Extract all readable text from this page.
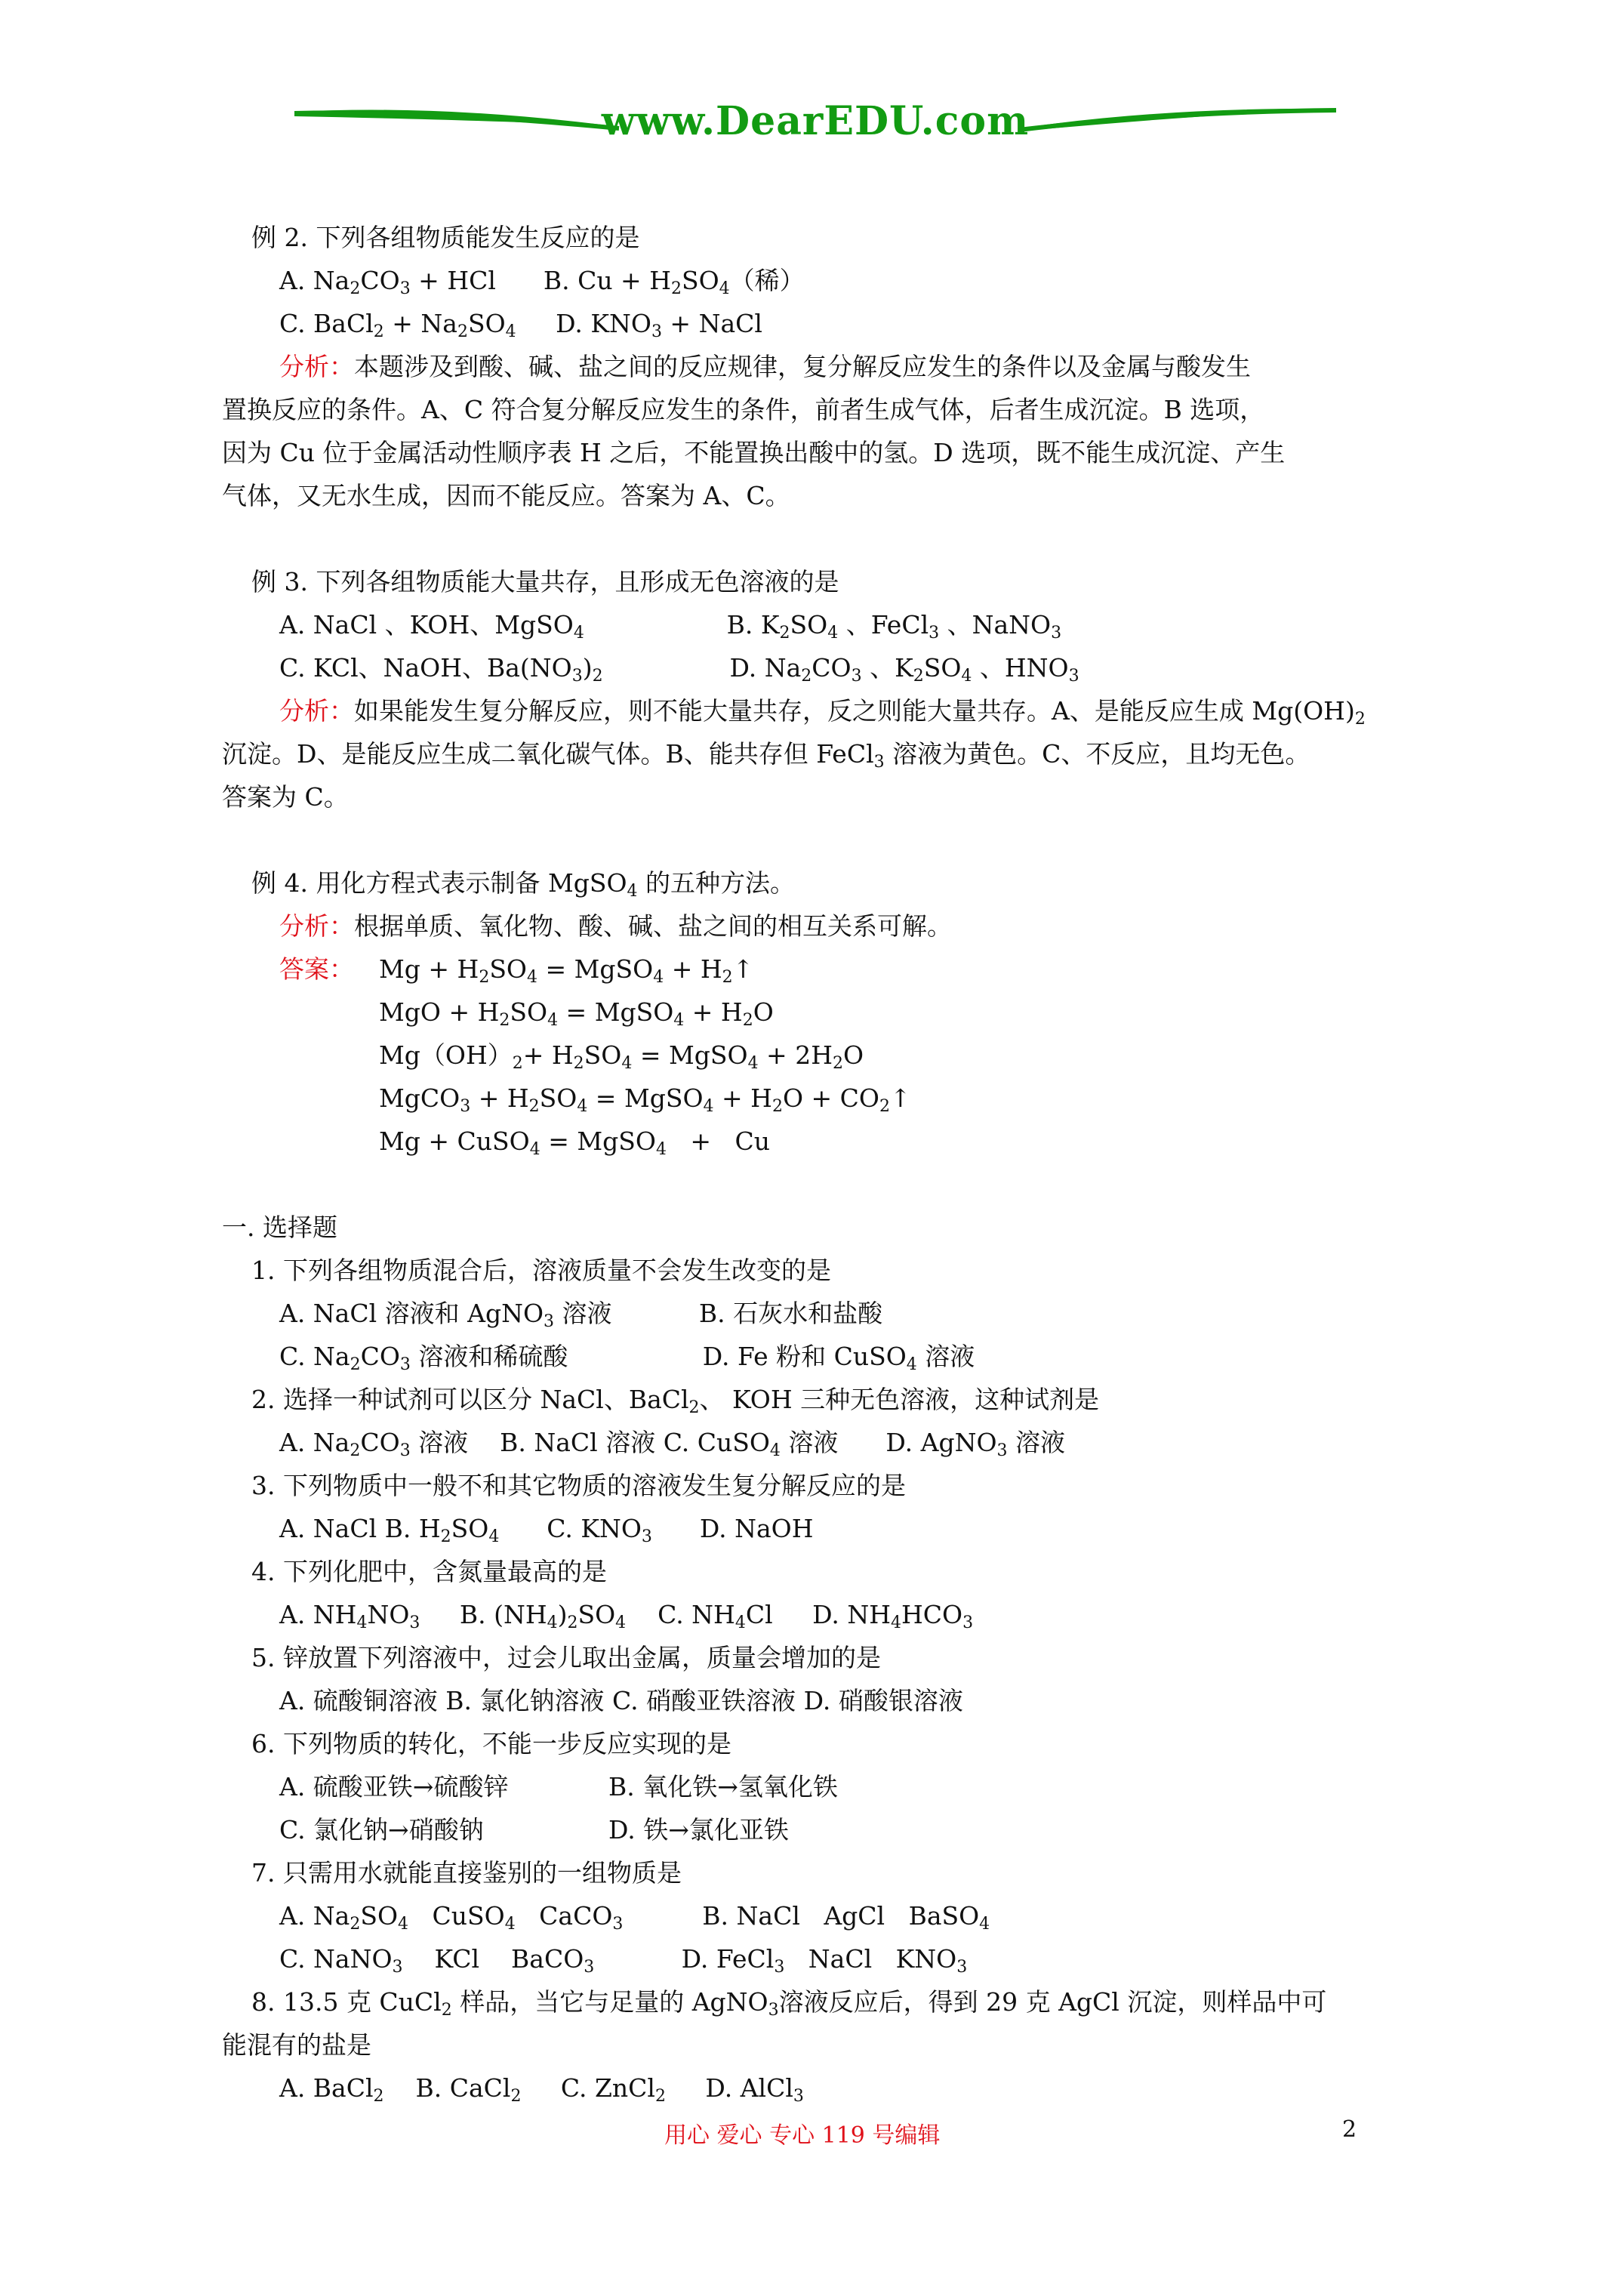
www.DearEDU.com
例 2. 下列各组物质能发生反应的是
A. $Na_2CO_3$ + HCl      B. $Cu + H_2SO_4$（稀）
C. BaCl$_2$ + $Na_2SO_4$     D. $KNO_3$ + NaCl
分析：本题涉及到酸、碱、盐之间的反应规律，复分解反应发生的条件以及金属与酸发生
置换反应的条件。A、C 符合复分解反应发生的条件，前者生成气体，后者生成沉淀。B 选项，
因为 Cu 位于金属活动性顺序表 H 之后，不能置换出酸中的氢。D 选项，既不能生成沉淀、产生
气体，又无水生成，因而不能反应。答案为 A、C。
例 3. 下列各组物质能大量共存，且形成无色溶液的是
A. NaCl 、KOH、MgSO$_4$                  B. $K_2SO_4$ 、FeCl$_3$ 、NaNO$_3$
C. KCl、NaOH、$Ba(NO_3)_2$                D. $Na_2CO_3$ 、$K_2SO_4$ 、$HNO_3$
分析：如果能发生复分解反应，则不能大量共存，反之则能大量共存。A、是能反应生成 $Mg(OH)_2$
沉淀。D、是能反应生成二氧化碳气体。B、能共存但 FeCl$_3$ 溶液为黄色。C、不反应，且均无色。
答案为 C。
例 4. 用化方程式表示制备 MgSO$_4$ 的五种方法。
分析：根据单质、氧化物、酸、碱、盐之间的相互关系可解。
答案： $Mg + H_2SO_4$ = MgSO$_4$ + $H_2↑$
MgO + $H_2SO_4$ = MgSO$_4$ + $H_2O$
$Mg(OH)_2+ H_2SO_4$ = MgSO$_4$ + $2H_2O$
MgCO$_3$ + $H_2SO_4$ = MgSO$_4$ + $H_2O$ + $CO_2↑$
Mg + CuSO$_4$ = MgSO$_4$   +   Cu
一. 选择题
1. 下列各组物质混合后，溶液质量不会发生改变的是
A. NaCl 溶液和 AgNO$_3$ 溶液           B. 石灰水和盐酸
C. $Na_2CO_3$ 溶液和稀硫酸                 D. Fe 粉和 CuSO$_4$ 溶液
2. 选择一种试剂可以区分 NaCl、BaCl$_2$、 KOH 三种无色溶液，这种试剂是
A. $Na_2CO_3$ 溶液    B. NaCl 溶液 C. CuSO$_4$ 溶液      D. AgNO$_3$ 溶液
3. 下列物质中一般不和其它物质的溶液发生复分解反应的是
A. NaCl B. $H_2SO_4$      C. $KNO_3$      D. NaOH
4. 下列化肥中，含氮量最高的是
A. $NH_4NO_3$     B. $(NH_4)_2SO_4$    C. $NH_4Cl$     D. $NH_4HCO_3$
5. 锌放置下列溶液中，过会儿取出金属，质量会增加的是
A. 硫酸铜溶液 B. 氯化钠溶液 C. 硝酸亚铁溶液 D. 硝酸银溶液
6. 下列物质的转化，不能一步反应实现的是
A. 硫酸亚铁→硫酸锌	B. 氧化铁→氢氧化铁
C. 氯化钠→硝酸钠	D. 铁→氯化亚铁
7. 只需用水就能直接鉴别的一组物质是
A. $Na_2SO_4$   CuSO$_4$   CaCO$_3$          B. NaCl   AgCl   BaSO$_4$
C. NaNO$_3$    KCl    BaCO$_3$           D. FeCl$_3$   NaCl   $KNO_3$
8. 13.5 克 CuCl$_2$ 样品，当它与足量的 AgNO$_3$溶液反应后，得到 29 克 AgCl 沉淀，则样品中可
能混有的盐是
A. BaCl$_2$    B. CaCl$_2$     C. ZnCl$_2$     D. AlCl$_3$
用心 爱心 专心 119 号编辑	2
